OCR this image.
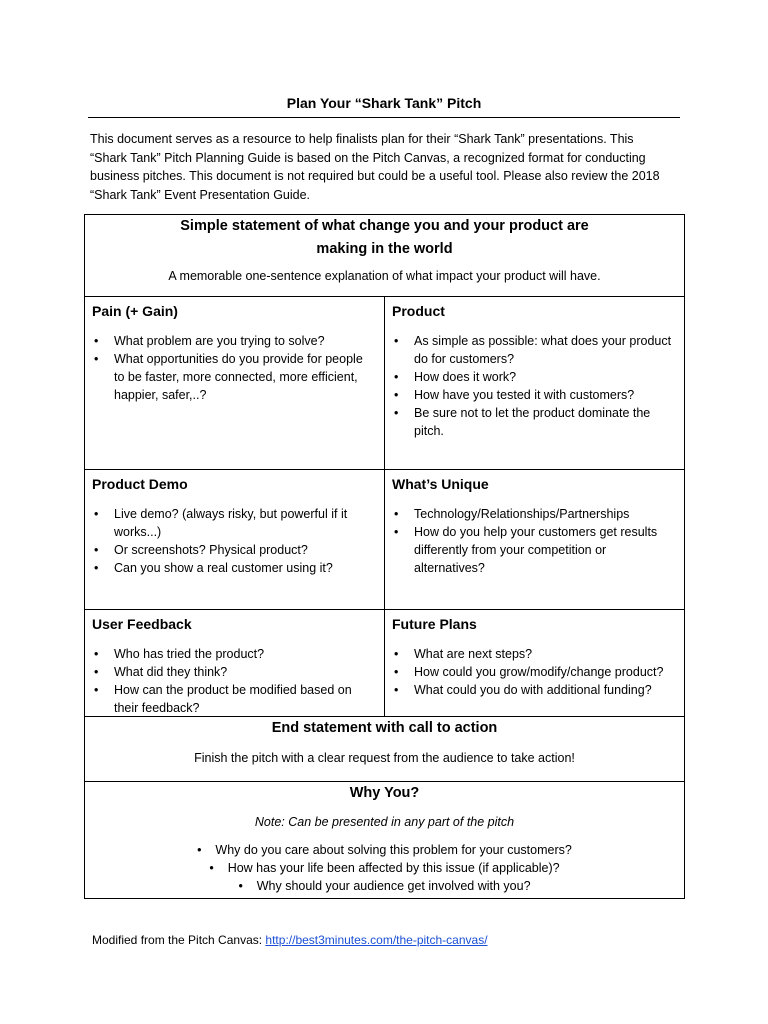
Plan Your “Shark Tank” Pitch
This document serves as a resource to help finalists plan for their “Shark Tank” presentations. This
“Shark Tank” Pitch Planning Guide is based on the Pitch Canvas, a recognized format for conducting
business pitches. This document is not required but could be a useful tool. Please also review the 2018
“Shark Tank” Event Presentation Guide.
Simple statement of what change you and your product are
making in the world
A memorable one-sentence explanation of what impact your product will have.
Pain (+ Gain)
• What problem are you trying to solve?
• What opportunities do you provide for people to be faster, more connected, more efficient, happier, safer,..?
Product
• As simple as possible: what does your product do for customers?
• How does it work?
• How have you tested it with customers?
• Be sure not to let the product dominate the pitch.
Product Demo
• Live demo? (always risky, but powerful if it works...)
• Or screenshots? Physical product?
• Can you show a real customer using it?
What’s Unique
• Technology/Relationships/Partnerships
• How do you help your customers get results differently from your competition or alternatives?
User Feedback
• Who has tried the product?
• What did they think?
• How can the product be modified based on their feedback?
Future Plans
• What are next steps?
• How could you grow/modify/change product?
• What could you do with additional funding?
End statement with call to action
Finish the pitch with a clear request from the audience to take action!
Why You?
Note: Can be presented in any part of the pitch
•    Why do you care about solving this problem for your customers?
•    How has your life been affected by this issue (if applicable)?
•    Why should your audience get involved with you?
Modified from the Pitch Canvas: http://best3minutes.com/the-pitch-canvas/
